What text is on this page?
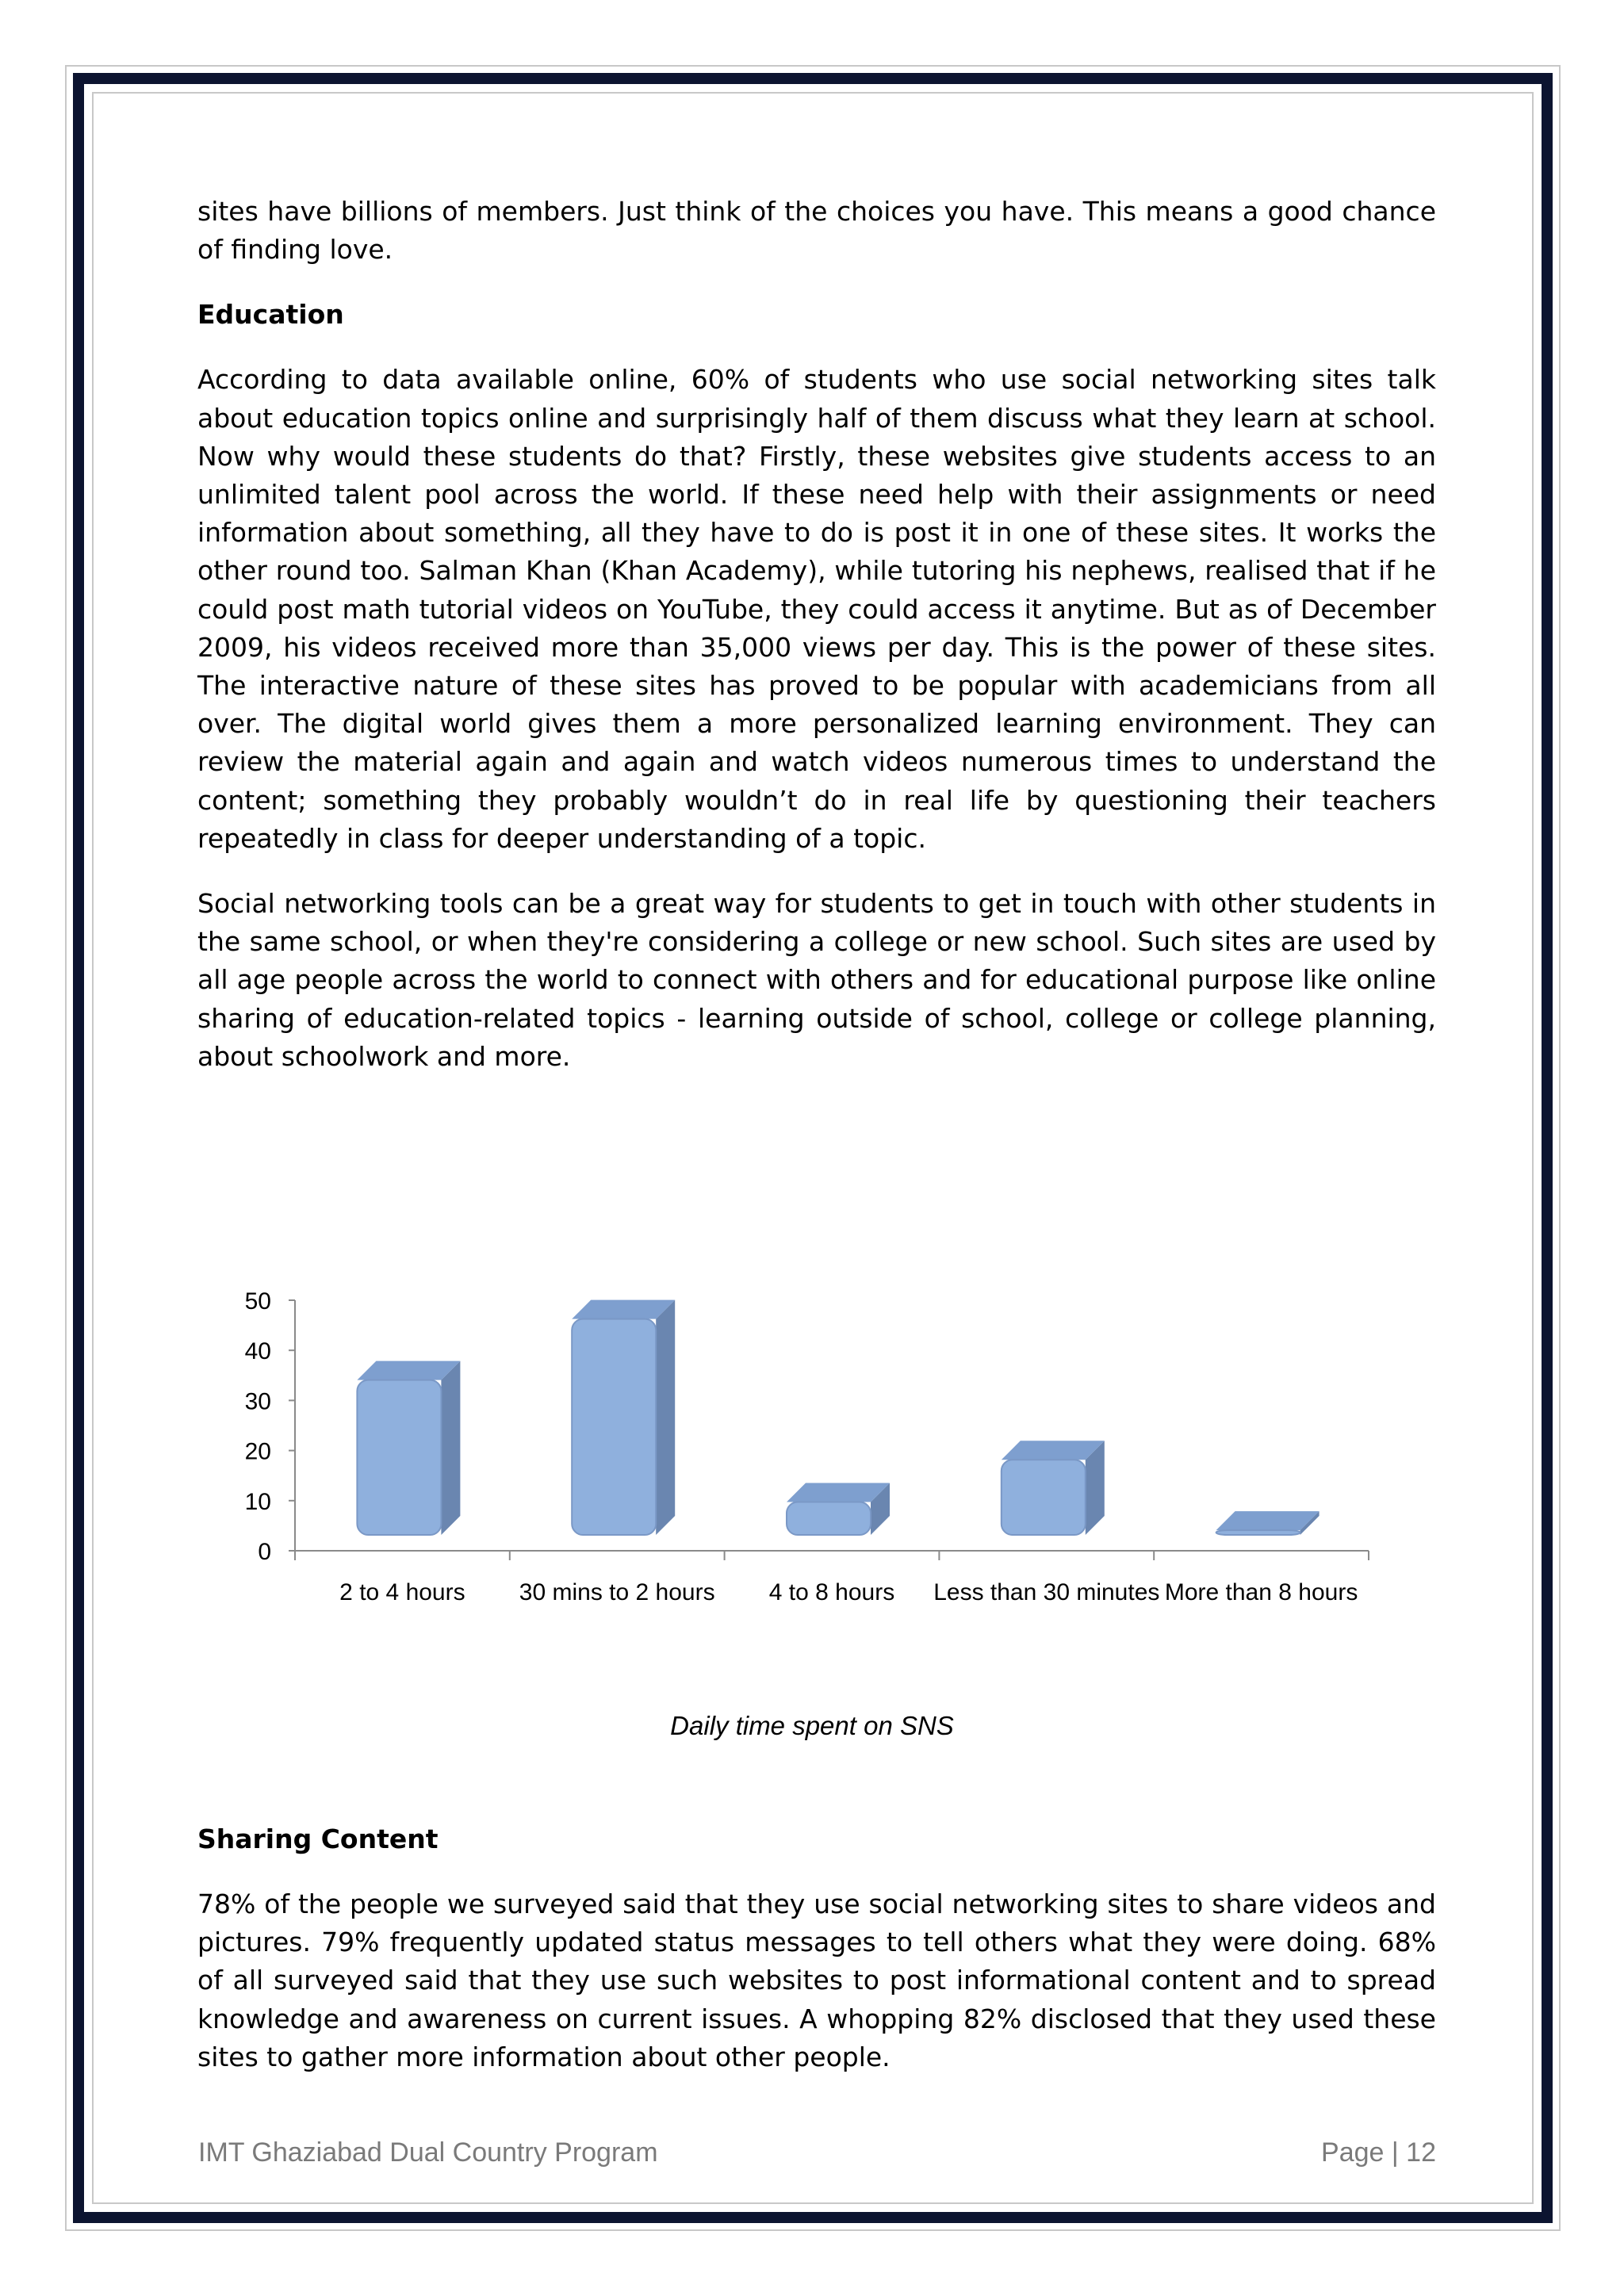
sites have billions of members. Just think of the choices you have. This means a good chance of finding love.

Education

According to data available online, 60% of students who use social networking sites talk about education topics online and surprisingly half of them discuss what they learn at school. Now why would these students do that? Firstly, these websites give students access to an unlimited talent pool across the world. If these need help with their assignments or need information about something, all they have to do is post it in one of these sites. It works the other round too. Salman Khan (Khan Academy), while tutoring his nephews, realised that if he could post math tutorial videos on YouTube, they could access it anytime. But as of December 2009, his videos received more than 35,000 views per day. This is the power of these sites. The interactive nature of these sites has proved to be popular with academicians from all over. The digital world gives them a more personalized learning environment. They can review the material again and again and watch videos numerous times to understand the content; something they probably wouldn’t do in real life by questioning their teachers repeatedly in class for deeper understanding of a topic.

Social networking tools can be a great way for students to get in touch with other students in the same school, or when they're considering a college or new school. Such sites are used by all age people across the world to connect with others and for educational purpose like online sharing of education-related topics - learning outside of school, college or college planning, about schoolwork and more.

0
10
20
30
40
50
2 to 4 hours 30 mins to 2 hours 4 to 8 hours Less than 30 minutes More than 8 hours
Daily time spent on SNS
Sharing Content

78% of the people we surveyed said that they use social networking sites to share videos and pictures. 79% frequently updated status messages to tell others what they were doing. 68% of all surveyed said that they use such websites to post informational content and to spread knowledge and awareness on current issues. A whopping 82% disclosed that they used these sites to gather more information about other people.

IMT Ghaziabad Dual Country Program	Page | 12
